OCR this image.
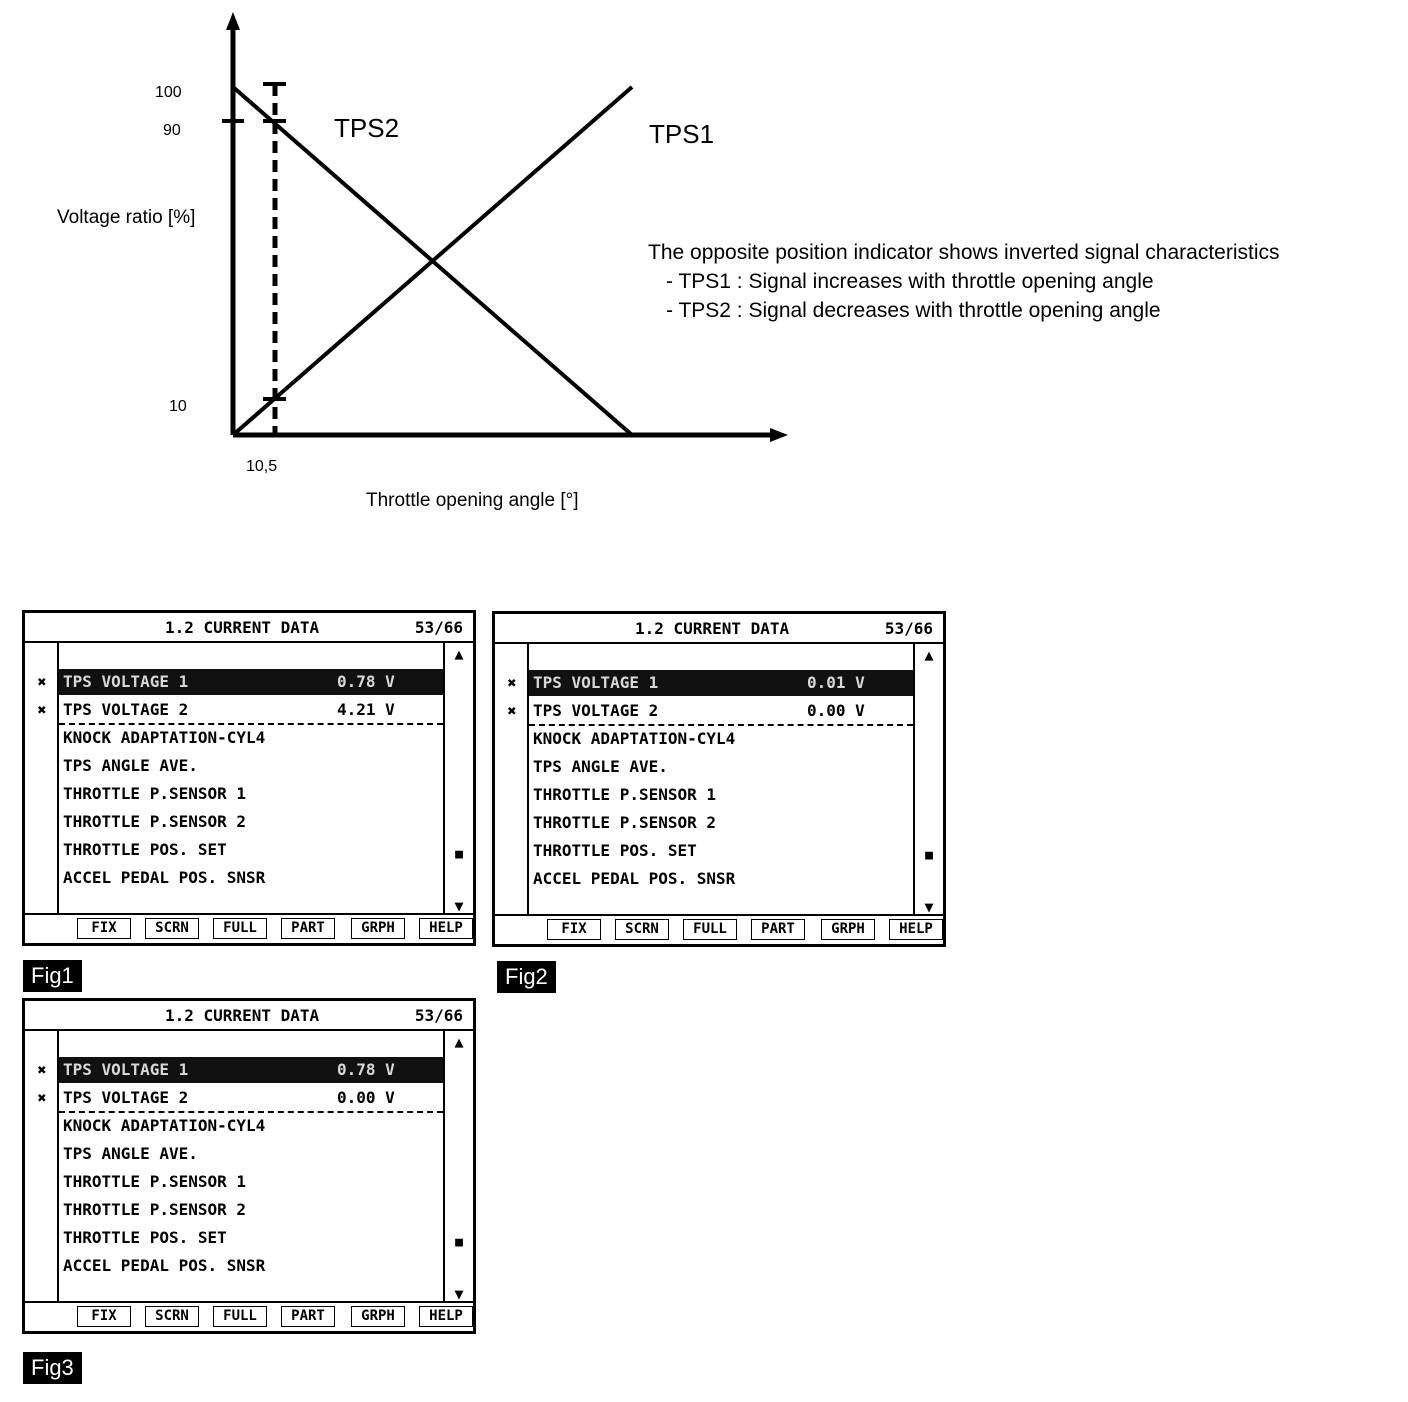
100
90
10
10,5
Voltage ratio [%]
Throttle opening angle [°]
TPS2	TPS1
The opposite position indicator shows inverted signal characteristics
- TPS1 : Signal increases with throttle opening angle
- TPS2 : Signal decreases with throttle opening angle
1.2 CURRENT DATA	53/66
▲
■
▼
✖
✖
TPS VOLTAGE 1	0.78 V
TPS VOLTAGE 2	4.21 V
KNOCK ADAPTATION-CYL4
TPS ANGLE AVE.
THROTTLE P.SENSOR 1
THROTTLE P.SENSOR 2
THROTTLE POS. SET
ACCEL PEDAL POS. SNSR
FIX	SCRN	FULL	PART	GRPH	HELP
Fig1
1.2 CURRENT DATA	53/66
▲
■
▼
✖
✖
TPS VOLTAGE 1	0.01 V
TPS VOLTAGE 2	0.00 V
KNOCK ADAPTATION-CYL4
TPS ANGLE AVE.
THROTTLE P.SENSOR 1
THROTTLE P.SENSOR 2
THROTTLE POS. SET
ACCEL PEDAL POS. SNSR
FIX	SCRN	FULL	PART	GRPH	HELP
Fig2
1.2 CURRENT DATA	53/66
▲
■
▼
✖
✖
TPS VOLTAGE 1	0.78 V
TPS VOLTAGE 2	0.00 V
KNOCK ADAPTATION-CYL4
TPS ANGLE AVE.
THROTTLE P.SENSOR 1
THROTTLE P.SENSOR 2
THROTTLE POS. SET
ACCEL PEDAL POS. SNSR
FIX	SCRN	FULL	PART	GRPH	HELP
Fig3
